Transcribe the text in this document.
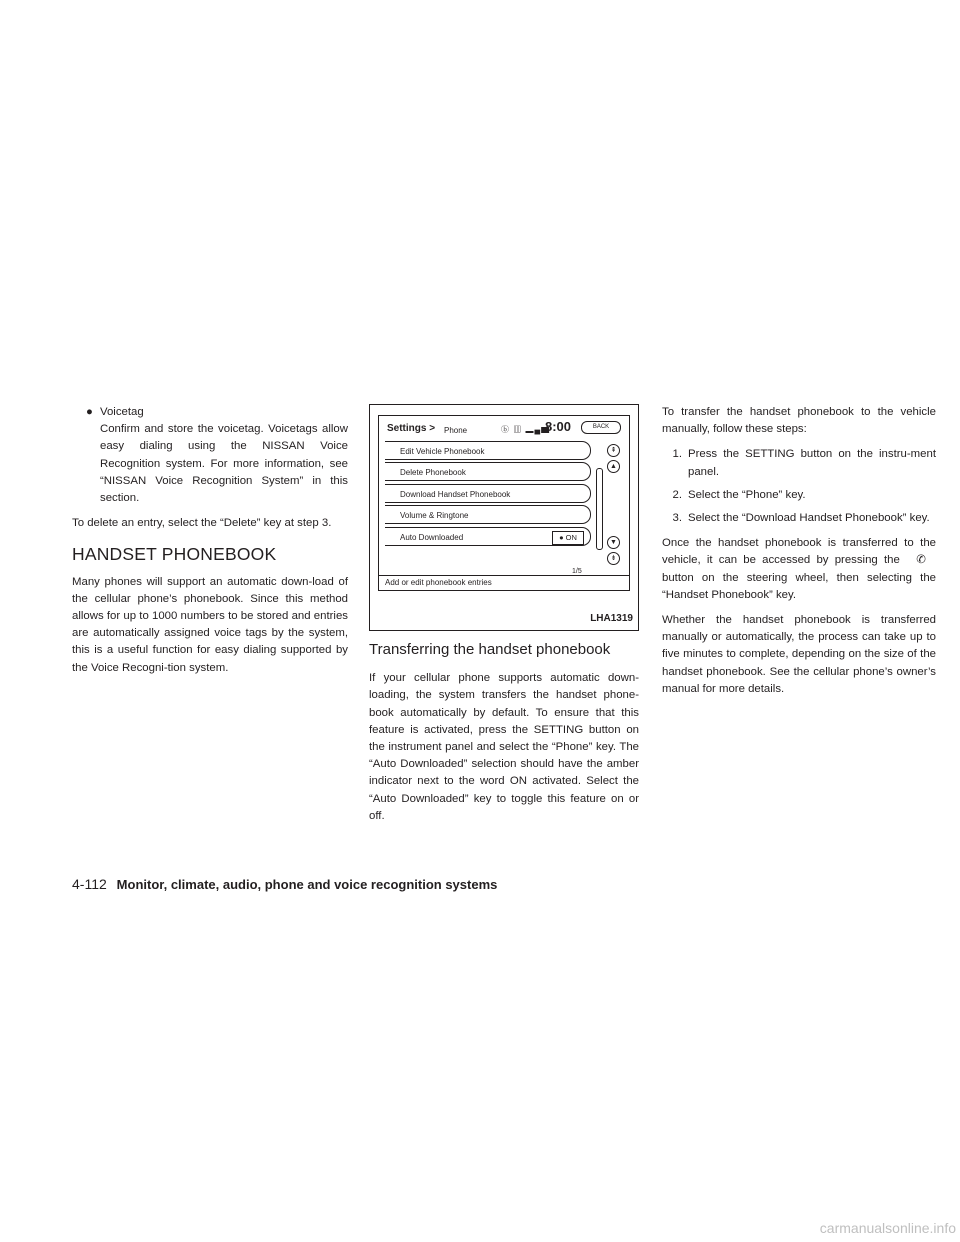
● Voicetag

Confirm and store the voicetag. Voicetags allow easy dialing using the NISSAN Voice Recognition system. For more information, see “NISSAN Voice Recognition System” in this section.

To delete an entry, select the “Delete” key at step 3.

HANDSET PHONEBOOK

Many phones will support an automatic down-load of the cellular phone’s phonebook. Since this method allows for up to 1000 numbers to be stored and entries are automatically assigned voice tags by the system, this is a useful function for easy dialing supported by the Voice Recogni-tion system.

Settings > Phone	ⓑ ▥ ▂▄▆
8:00	BACK
Edit Vehicle Phonebook
Delete Phonebook
Download Handset Phonebook
Volume & Ringtone
Auto Downloaded	● ON
1/5
⇞
▲
▼
⇟
Add or edit phonebook entries
LHA1319
Transferring the handset phonebook

If your cellular phone supports automatic down-loading, the system transfers the handset phone-book automatically by default. To ensure that this feature is activated, press the SETTING button on the instrument panel and select the “Phone” key. The “Auto Downloaded” selection should have the amber indicator next to the word ON activated. Select the “Auto Downloaded” key to toggle this feature on or off.

To transfer the handset phonebook to the vehicle manually, follow these steps:

1. Press the SETTING button on the instru-ment panel.
2. Select the “Phone” key.
3. Select the “Download Handset Phonebook” key.

Once the handset phonebook is transferred to the vehicle, it can be accessed by pressing the ✆ button on the steering wheel, then selecting the “Handset Phonebook” key.

Whether the handset phonebook is transferred manually or automatically, the process can take up to five minutes to complete, depending on the size of the handset phonebook. See the cellular phone’s owner’s manual for more details.

4-112 Monitor, climate, audio, phone and voice recognition systems
carmanualsonline.info
